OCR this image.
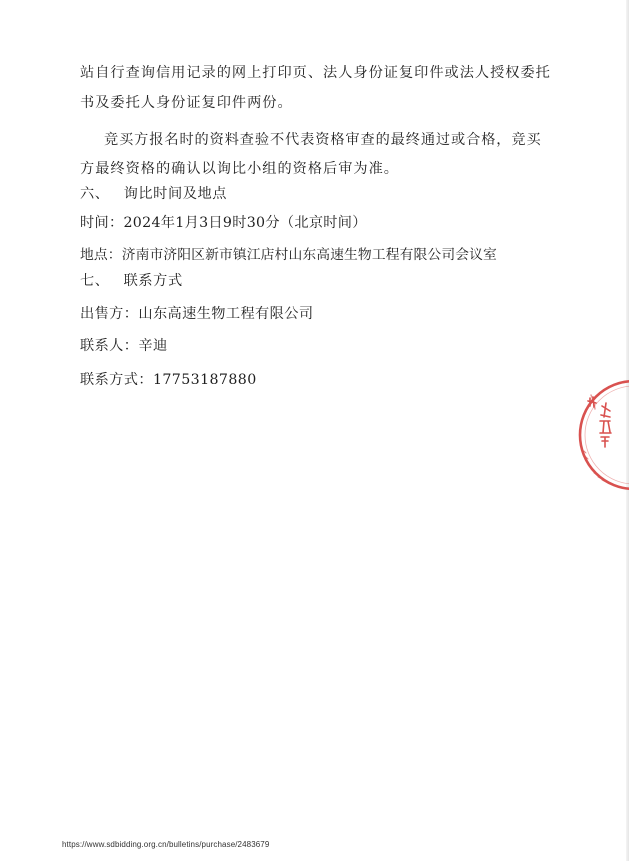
站自行查询信用记录的网上打印页、法人身份证复印件或法人授权委托
书及委托人身份证复印件两份。
竞买方报名时的资料查验不代表资格审查的最终通过或合格，竞买
方最终资格的确认以询比小组的资格后审为准。
六、 询比时间及地点
时间：2024年1月3日9时30分（北京时间）
地点：济南市济阳区新市镇江店村山东高速生物工程有限公司会议室
七、 联系方式
出售方：山东高速生物工程有限公司
联系人：辛迪
联系方式：17753187880
https://www.sdbidding.org.cn/bulletins/purchase/2483679
